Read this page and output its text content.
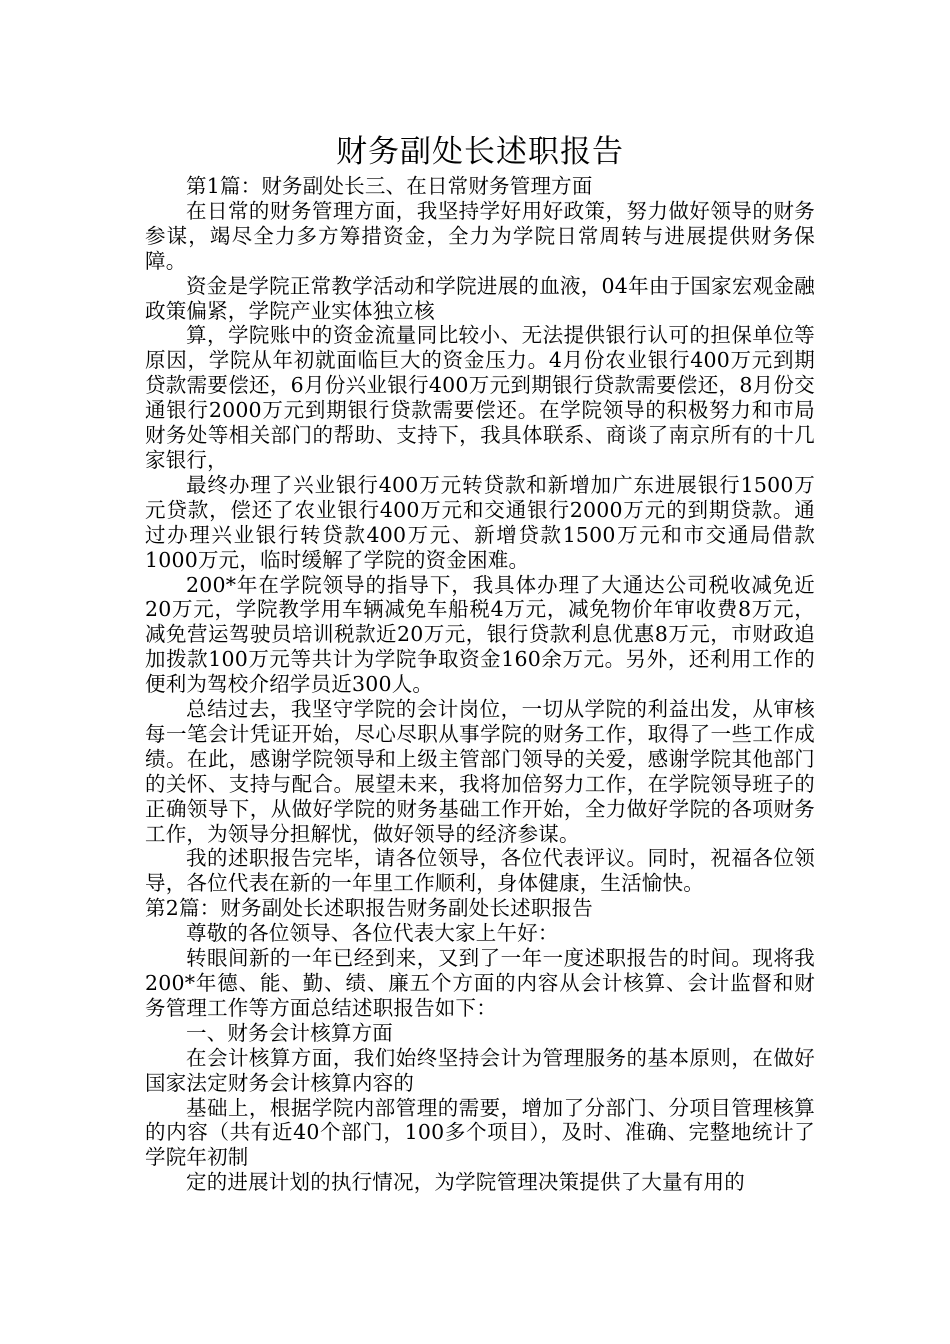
财务副处长述职报告

第1篇：财务副处长三、在日常财务管理方面

在日常的财务管理方面，我坚持学好用好政策，努力做好领导的财务参谋，竭尽全力多方筹措资金，全力为学院日常周转与进展提供财务保障。

资金是学院正常教学活动和学院进展的血液，04年由于国家宏观金融政策偏紧，学院产业实体独立核

算，学院账中的资金流量同比较小、无法提供银行认可的担保单位等原因，学院从年初就面临巨大的资金压力。4月份农业银行400万元到期贷款需要偿还，6月份兴业银行400万元到期银行贷款需要偿还，8月份交通银行2000万元到期银行贷款需要偿还。在学院领导的积极努力和市局财务处等相关部门的帮助、支持下，我具体联系、商谈了南京所有的十几家银行，

最终办理了兴业银行400万元转贷款和新增加广东进展银行1500万元贷款，偿还了农业银行400万元和交通银行2000万元的到期贷款。通过办理兴业银行转贷款400万元、新增贷款1500万元和市交通局借款1000万元，临时缓解了学院的资金困难。

200*年在学院领导的指导下，我具体办理了大通达公司税收减免近20万元，学院教学用车辆减免车船税4万元，减免物价年审收费8万元，减免营运驾驶员培训税款近20万元，银行贷款利息优惠8万元，市财政追加拨款100万元等共计为学院争取资金160余万元。另外，还利用工作的便利为驾校介绍学员近300人。

总结过去，我坚守学院的会计岗位，一切从学院的利益出发，从审核每一笔会计凭证开始，尽心尽职从事学院的财务工作，取得了一些工作成绩。在此，感谢学院领导和上级主管部门领导的关爱，感谢学院其他部门的关怀、支持与配合。展望未来，我将加倍努力工作，在学院领导班子的正确领导下，从做好学院的财务基础工作开始，全力做好学院的各项财务工作，为领导分担解忧，做好领导的经济参谋。

我的述职报告完毕，请各位领导，各位代表评议。同时，祝福各位领导，各位代表在新的一年里工作顺利，身体健康，生活愉快。

第2篇：财务副处长述职报告财务副处长述职报告

尊敬的各位领导、各位代表大家上午好：

转眼间新的一年已经到来，又到了一年一度述职报告的时间。现将我200*年德、能、勤、绩、廉五个方面的内容从会计核算、会计监督和财务管理工作等方面总结述职报告如下：

一、财务会计核算方面

在会计核算方面，我们始终坚持会计为管理服务的基本原则，在做好国家法定财务会计核算内容的

基础上，根据学院内部管理的需要，增加了分部门、分项目管理核算的内容（共有近40个部门，100多个项目），及时、准确、完整地统计了学院年初制

定的进展计划的执行情况，为学院管理决策提供了大量有用的
